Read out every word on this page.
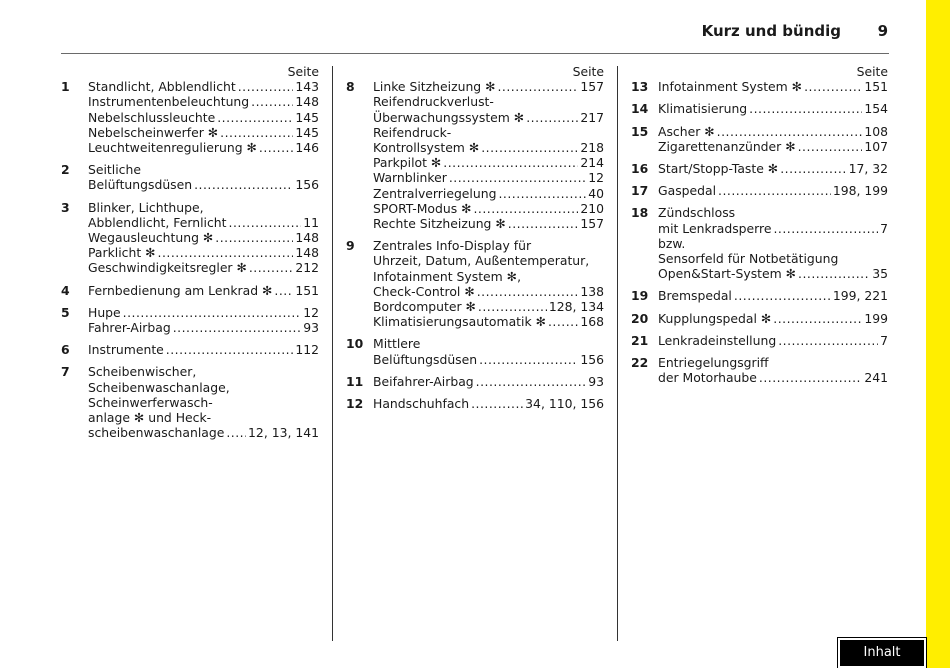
Kurz und bündig	9
Seite
1	Standlicht, Abblendlicht .....	143
Instrumentenbeleuchtung .....	148
Nebelschlussleuchte .....	145
Nebelscheinwerfer ✻ .....	145
Leuchtweitenregulierung ✻ .....	146
2	Seitliche
Belüftungsdüsen .....	156
3	Blinker, Lichthupe,
Abblendlicht, Fernlicht .....	11
Wegausleuchtung ✻ .....	148
Parklicht ✻ .....	148
Geschwindigkeitsregler ✻ .....	212
4	Fernbedienung am Lenkrad ✻ ..... 151
5	Hupe .....	12
Fahrer-Airbag .....	93
6	Instrumente .....	112
7	Scheibenwischer,
Scheibenwaschanlage,
Scheinwerferwasch-
anlage ✻ und Heck-
scheibenwaschanlage ..... 12, 13, 141
Seite
8	Linke Sitzheizung ✻ .....	157
Reifendruckverlust-
Überwachungssystem ✻ .....	217
Reifendruck-
Kontrollsystem ✻ .....	218
Parkpilot ✻ .....	214
Warnblinker .....	12
Zentralverriegelung .....	40
SPORT-Modus ✻ .....	210
Rechte Sitzheizung ✻ .....	157
9	Zentrales Info-Display für
Uhrzeit, Datum, Außentemperatur,
Infotainment System ✻,
Check-Control ✻ .....	138
Bordcomputer ✻ .....	128, 134
Klimatisierungsautomatik ✻ .....	168
10 Mittlere
Belüftungsdüsen .....	156
11 Beifahrer-Airbag .....	93
12 Handschuhfach .....	34, 110, 156
Seite
13 Infotainment System ✻ .....	151
14 Klimatisierung .....	154
15 Ascher ✻ .....	108
Zigarettenanzünder ✻ .....	107
16 Start/Stopp-Taste ✻ .....	17, 32
17 Gaspedal .....	198, 199
18 Zündschloss
mit Lenkradsperre .....	7
bzw.
Sensorfeld für Notbetätigung
Open&Start-System ✻ .....	35
19 Bremspedal .....	199, 221
20 Kupplungspedal ✻ .....	199
21 Lenkradeinstellung .....	7
22 Entriegelungsgriff
der Motorhaube .....	241
Inhalt
